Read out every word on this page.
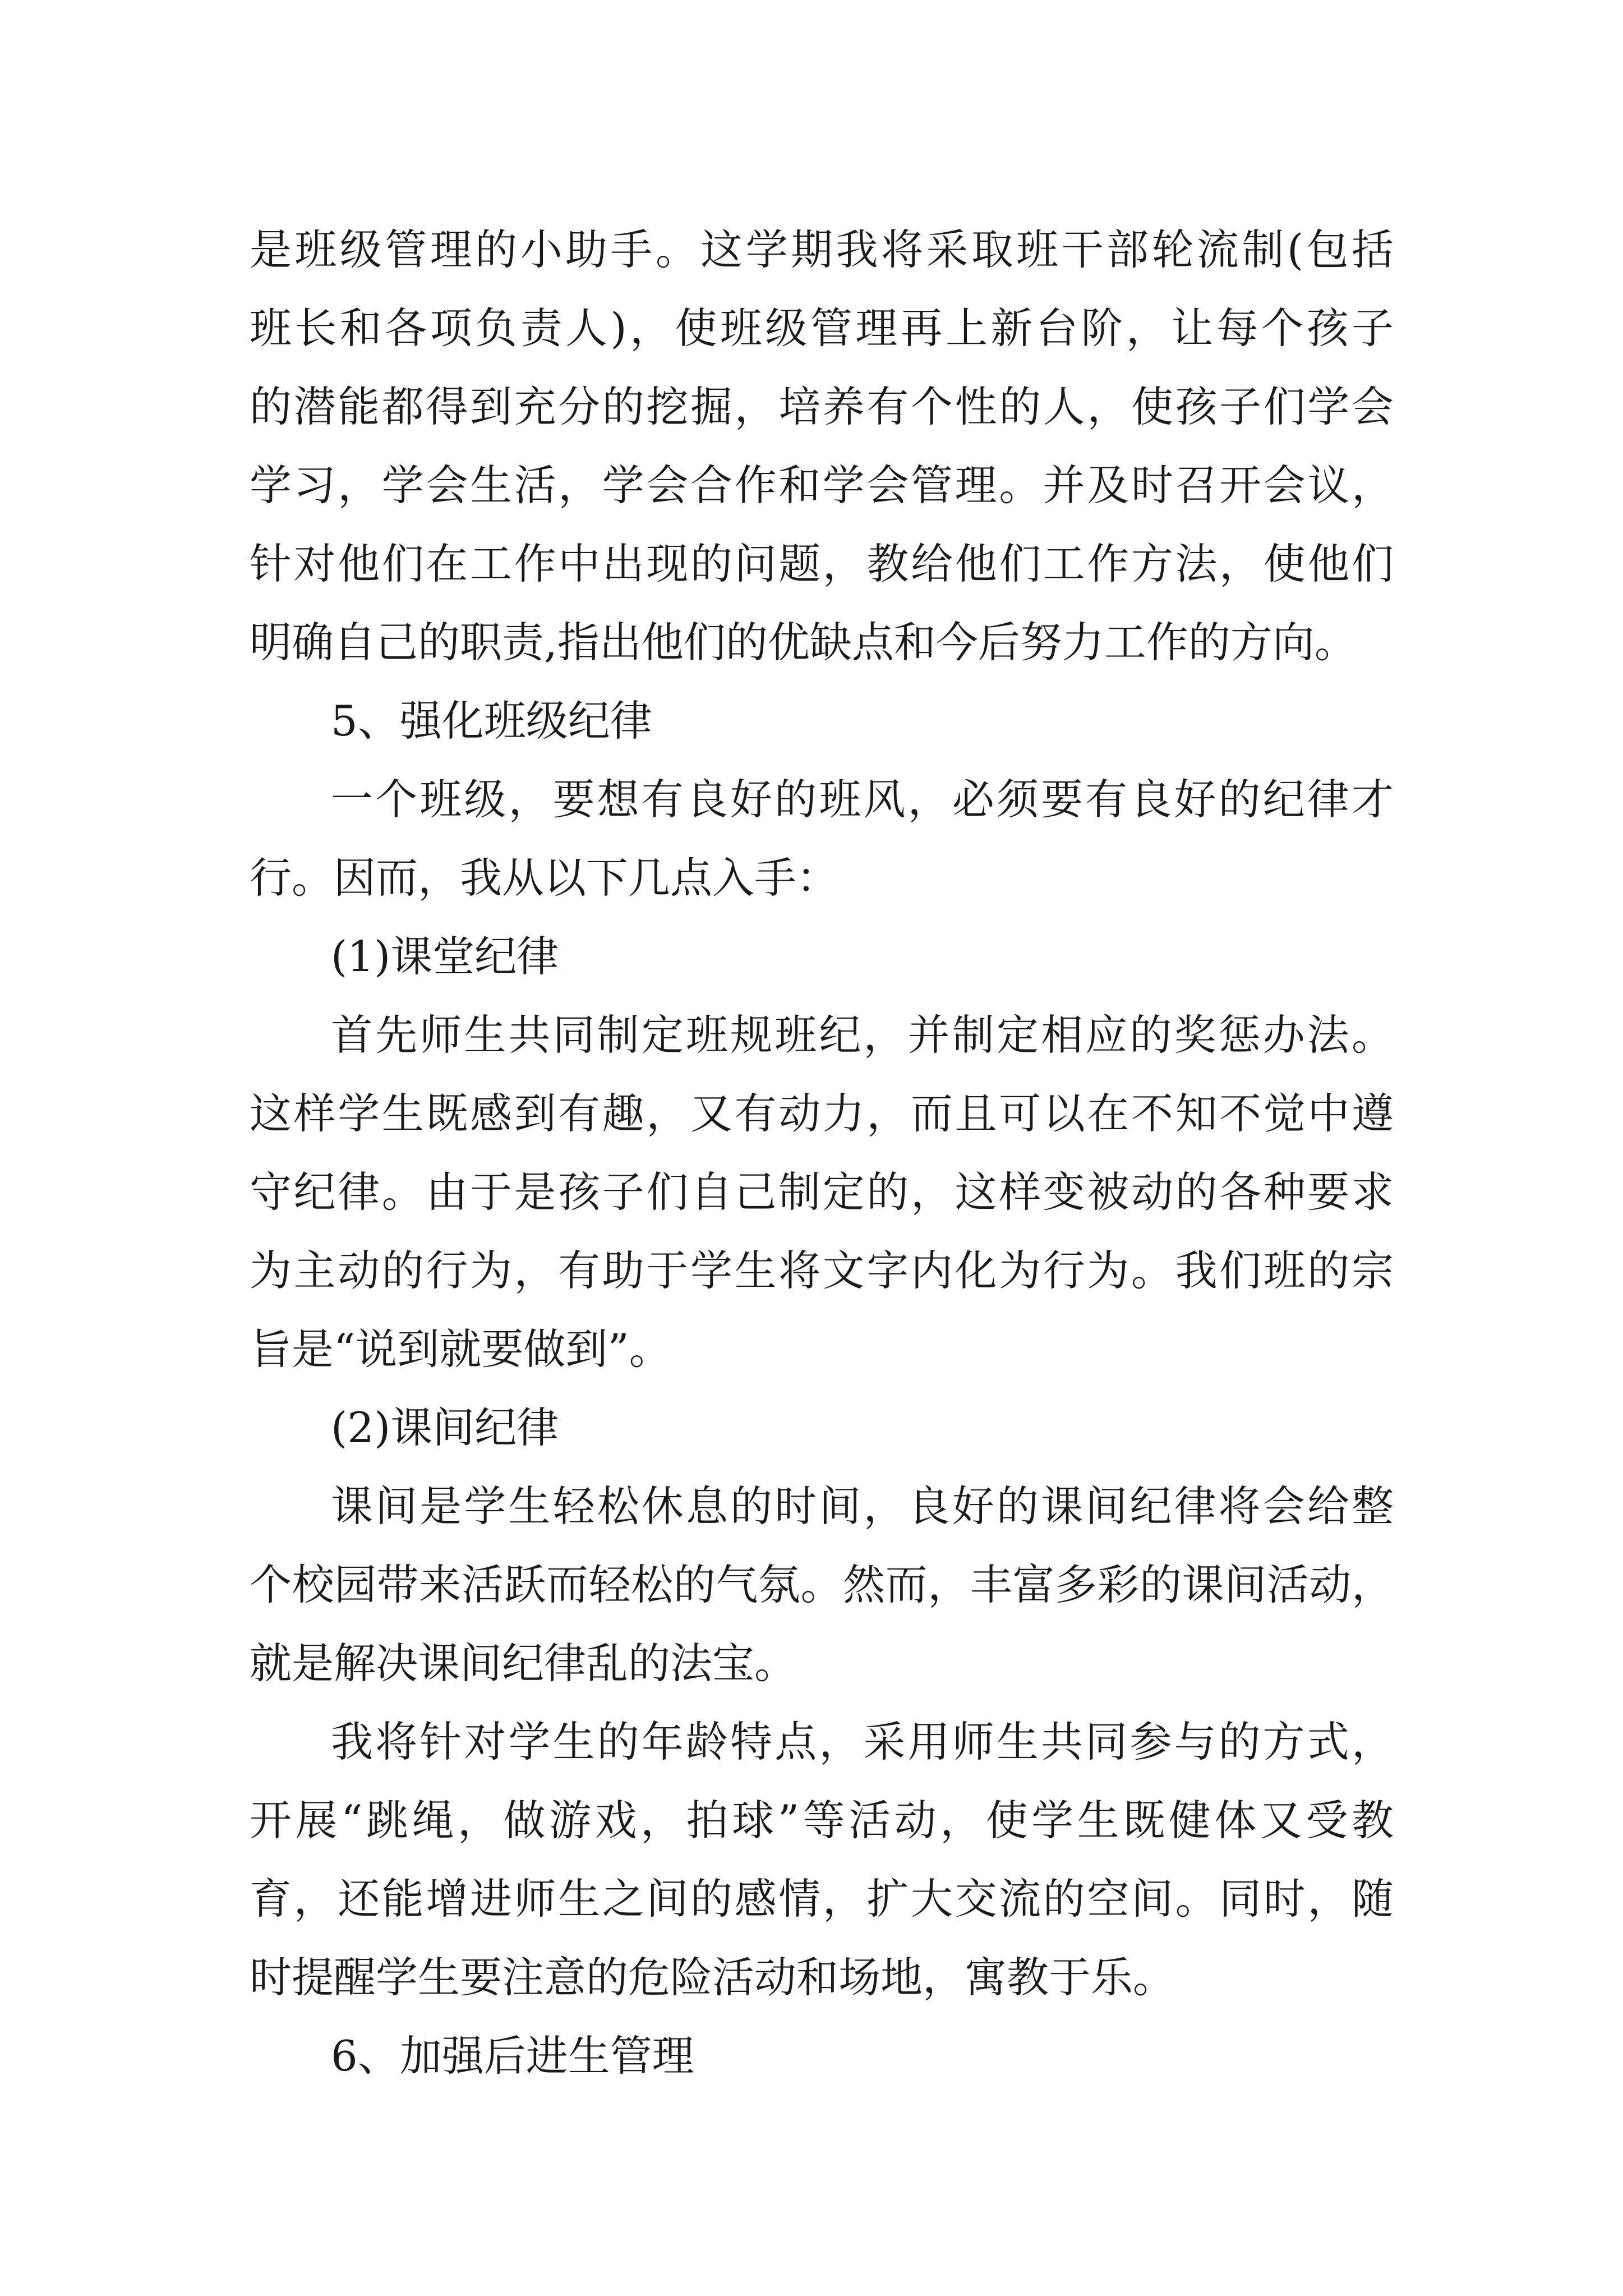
是班级管理的小助手。这学期我将采取班干部轮流制(包括
班长和各项负责人)，使班级管理再上新台阶，让每个孩子
的潜能都得到充分的挖掘，培养有个性的人，使孩子们学会
学习，学会生活，学会合作和学会管理。并及时召开会议，
针对他们在工作中出现的问题，教给他们工作方法，使他们
明确自己的职责,指出他们的优缺点和今后努力工作的方向。
5、强化班级纪律
一个班级，要想有良好的班风，必须要有良好的纪律才
行。因而，我从以下几点入手：
(1)课堂纪律
首先师生共同制定班规班纪，并制定相应的奖惩办法。
这样学生既感到有趣，又有动力，而且可以在不知不觉中遵
守纪律。由于是孩子们自己制定的，这样变被动的各种要求
为主动的行为，有助于学生将文字内化为行为。我们班的宗
旨是“说到就要做到”。
(2)课间纪律
课间是学生轻松休息的时间，良好的课间纪律将会给整
个校园带来活跃而轻松的气氛。然而，丰富多彩的课间活动，
就是解决课间纪律乱的法宝。
我将针对学生的年龄特点，采用师生共同参与的方式，
开展“跳绳，做游戏，拍球”等活动，使学生既健体又受教
育，还能增进师生之间的感情，扩大交流的空间。同时，随
时提醒学生要注意的危险活动和场地，寓教于乐。
6、加强后进生管理
